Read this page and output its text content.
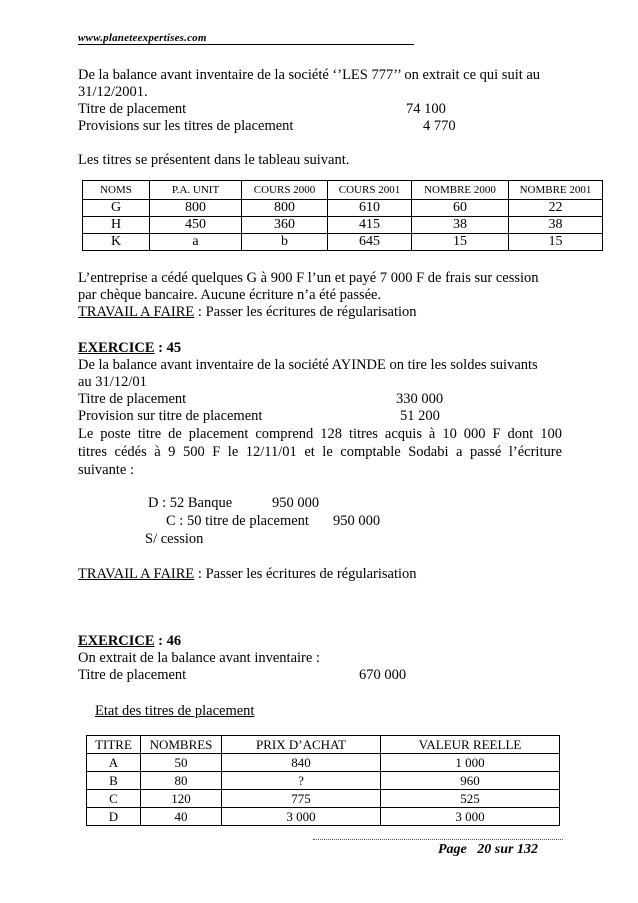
www.planeteexpertises.com
De la balance avant inventaire de la société ‘’LES 777’’ on extrait ce qui suit au
31/12/2001.
Titre de placement	74 100
Provisions sur les titres de placement	4 770
Les titres se présentent dans le tableau suivant.
NOMS	P.A. UNIT	COURS 2000	COURS 2001	NOMBRE 2000	NOMBRE 2001
G	800	800	610	60	22
H	450	360	415	38	38
K	a	b	645	15	15
L’entreprise a cédé quelques G à 900 F l’un et payé 7 000 F de frais sur cession
par chèque bancaire. Aucune écriture n’a été passée.
TRAVAIL A FAIRE : Passer les écritures de régularisation
EXERCICE : 45
De la balance avant inventaire de la société AYINDE on tire les soldes suivants
au 31/12/01
Titre de placement	330 000
Provision sur titre de placement	51 200
Le poste titre de placement comprend 128 titres acquis à 10 000 F dont 100
titres cédés à 9 500 F le 12/11/01 et le comptable Sodabi a passé l’écriture
suivante :
D : 52 Banque	950 000
C : 50 titre de placement 950 000
S/ cession
TRAVAIL A FAIRE : Passer les écritures de régularisation
EXERCICE : 46
On extrait de la balance avant inventaire :
Titre de placement	670 000
Etat des titres de placement
TITRE	NOMBRES	PRIX D’ACHAT	VALEUR REELLE
A	50	840	1 000
B	80	?	960
C	120	775	525
D	40	3 000	3 000
Page   20 sur 132
